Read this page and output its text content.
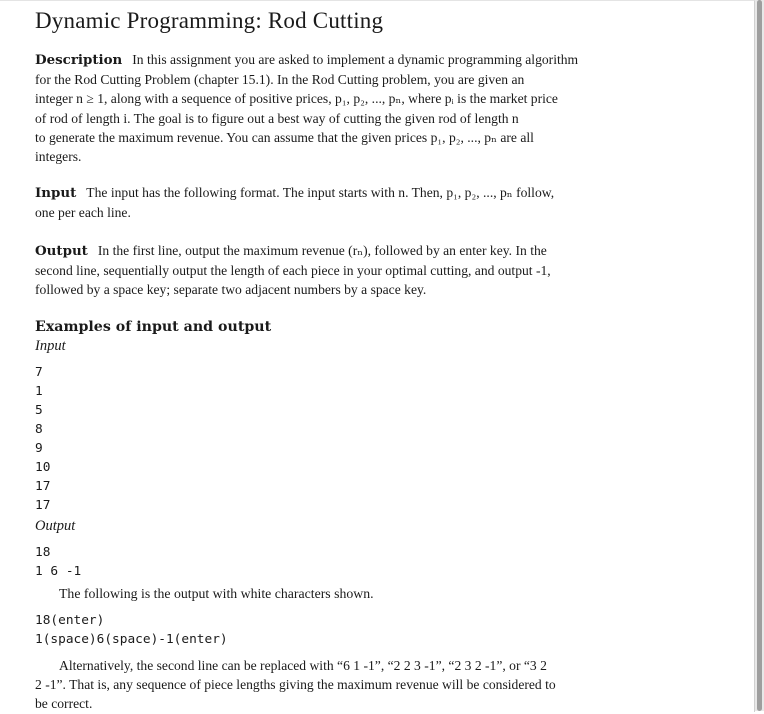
Dynamic Programming: Rod Cutting
Description In this assignment you are asked to implement a dynamic programming algorithm
for the Rod Cutting Problem (chapter 15.1). In the Rod Cutting problem, you are given an
integer n ≥ 1, along with a sequence of positive prices, p₁, p₂, ..., pₙ, where pᵢ is the market price
of rod of length i. The goal is to figure out a best way of cutting the given rod of length n
to generate the maximum revenue. You can assume that the given prices p₁, p₂, ..., pₙ are all
integers.
Input The input has the following format. The input starts with n. Then, p₁, p₂, ..., pₙ follow,
one per each line.
Output In the first line, output the maximum revenue (rₙ), followed by an enter key. In the
second line, sequentially output the length of each piece in your optimal cutting, and output -1,
followed by a space key; separate two adjacent numbers by a space key.
Examples of input and output
Input
7
1
5
8
9
10
17
17
Output
18
1 6 -1
The following is the output with white characters shown.
18(enter)
1(space)6(space)-1(enter)
Alternatively, the second line can be replaced with “6 1 -1”, “2 2 3 -1”, “2 3 2 -1”, or “3 2
2 -1”. That is, any sequence of piece lengths giving the maximum revenue will be considered to
be correct.
